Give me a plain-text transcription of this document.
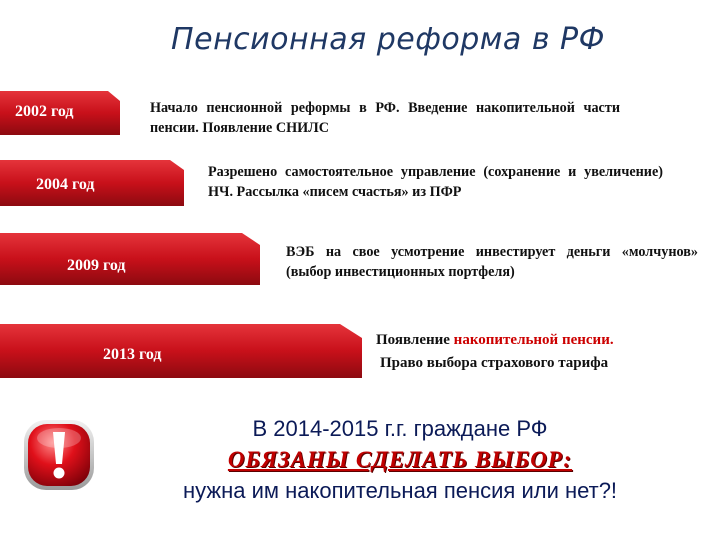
Пенсионная реформа в РФ
2002 год	Начало пенсионной реформы в РФ. Введение накопительной части пенсии. Появление СНИЛС
2004 год
Разрешено самостоятельное управление (сохранение и увеличение) НЧ. Рассылка «писем счастья» из ПФР
2009 год
ВЭБ на свое усмотрение инвестирует деньги «молчунов» (выбор инвестиционных портфеля)
2013 год
Появление накопительной пенсии.
Право выбора страхового тарифа
В 2014-2015 г.г. граждане РФ
ОБЯЗАНЫ СДЕЛАТЬ ВЫБОР:
нужна им накопительная пенсия или нет?!
